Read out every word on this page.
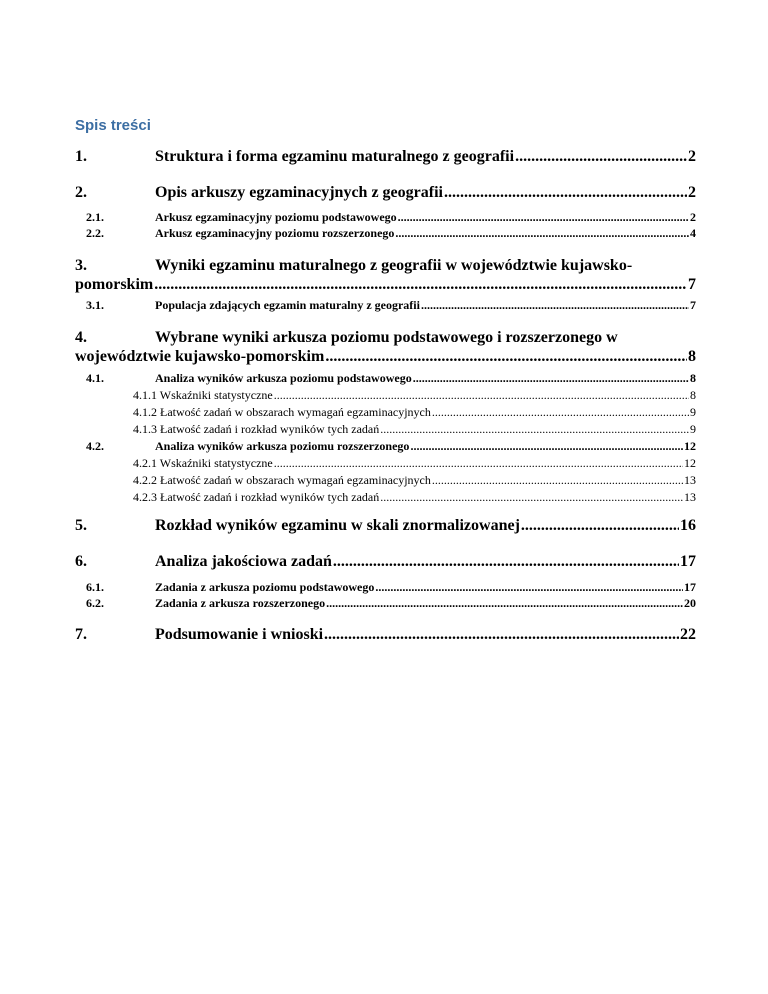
Spis treści
1.	Struktura i forma egzaminu maturalnego z geografii .....	2
2.	Opis arkuszy egzaminacyjnych z geografii .....	2
2.1.	Arkusz egzaminacyjny poziomu podstawowego .....	2
2.2.	Arkusz egzaminacyjny poziomu rozszerzonego .....	4
3.	Wyniki egzaminu maturalnego z geografii w województwie kujawsko-
pomorskim .....	7
3.1.	Populacja zdających egzamin maturalny z geografii .....	7
4.	Wybrane wyniki arkusza poziomu podstawowego i rozszerzonego w
województwie kujawsko-pomorskim .....	8
4.1.	Analiza wyników arkusza poziomu podstawowego .....	8
4.1.1 Wskaźniki statystyczne .....	8
4.1.2 Łatwość zadań w obszarach wymagań egzaminacyjnych .....	9
4.1.3 Łatwość zadań i rozkład wyników tych zadań .....	9
4.2.	Analiza wyników arkusza poziomu rozszerzonego .....	12
4.2.1 Wskaźniki statystyczne .....	12
4.2.2 Łatwość zadań w obszarach wymagań egzaminacyjnych .....	13
4.2.3 Łatwość zadań i rozkład wyników tych zadań .....	13
5.	Rozkład wyników egzaminu w skali znormalizowanej .....	16
6.	Analiza jakościowa zadań .....	17
6.1.	Zadania z arkusza poziomu podstawowego .....	17
6.2.	Zadania z arkusza rozszerzonego .....	20
7.	Podsumowanie i wnioski .....	22
